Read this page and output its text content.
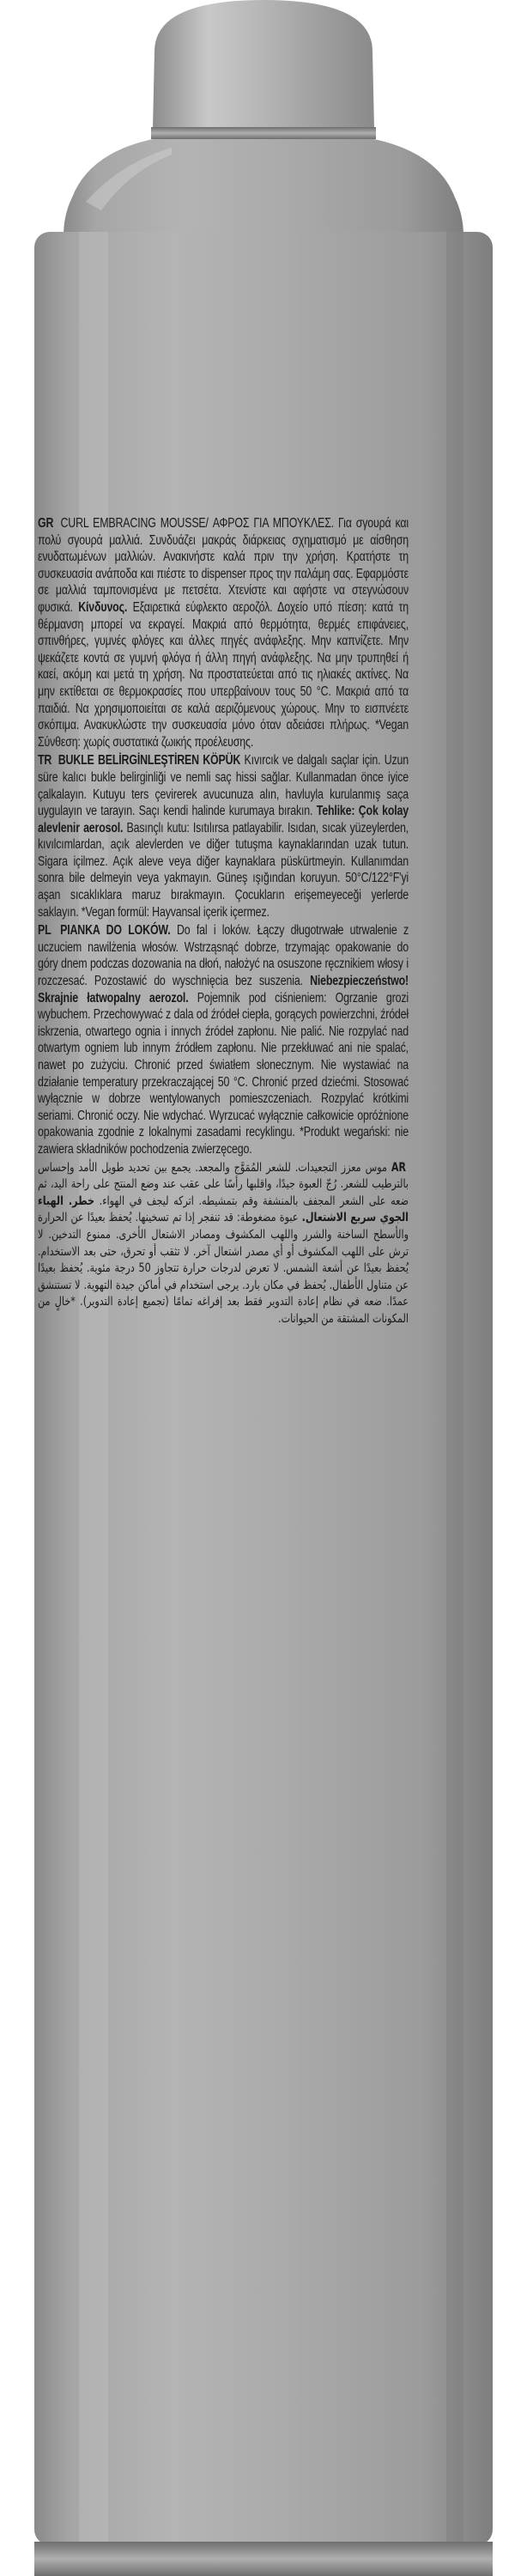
GR CURL EMBRACING MOUSSE/ ΑΦΡΟΣ ΓΙΑ ΜΠΟΥΚΛΕΣ. Για σγουρά και πολύ σγουρά μαλλιά. Συνδυάζει μακράς διάρκειας σχηματισμό με αίσθηση ενυδατωμένων μαλλιών. Ανακινήστε καλά πριν την χρήση. Κρατήστε τη συσκευασία ανάποδα και πιέστε το dispenser προς την παλάμη σας. Εφαρμόστε σε μαλλιά ταμπονισμένα με πετσέτα. Χτενίστε και αφήστε να στεγνώσουν φυσικά. Κίνδυνος. Εξαιρετικά εύφλεκτο αεροζόλ. Δοχείο υπό πίεση: κατά τη θέρμανση μπορεί να εκραγεί. Μακριά από θερμότητα, θερμές επιφάνειες, σπινθήρες, γυμνές φλόγες και άλλες πηγές ανάφλεξης. Μην καπνίζετε. Μην ψεκάζετε κοντά σε γυμνή φλόγα ή άλλη πηγή ανάφλεξης. Να μην τρυπηθεί ή καεί, ακόμη και μετά τη χρήση. Να προστατεύεται από τις ηλιακές ακτίνες. Να μην εκτίθεται σε θερμοκρασίες που υπερβαίνουν τους 50 °C. Μακριά από τα παιδιά. Να χρησιμοποιείται σε καλά αεριζόμενους χώρους. Μην το εισπνέετε σκόπιμα. Ανακυκλώστε την συσκευασία μόνο όταν αδειάσει πλήρως. *Vegan Σύνθεση: χωρίς συστατικά ζωικής προέλευσης.

TR BUKLE BELİRGİNLEŞTİREN KÖPÜK Kıvırcık ve dalgalı saçlar için. Uzun süre kalıcı bukle belirginliği ve nemli saç hissi sağlar. Kullanmadan önce iyice çalkalayın. Kutuyu ters çevirerek avucunuza alın, havluyla kurulanmış saça uygulayın ve tarayın. Saçı kendi halinde kurumaya bırakın. Tehlike: Çok kolay alevlenir aerosol. Basınçlı kutu: Isıtılırsa patlayabilir. Isıdan, sıcak yüzeylerden, kıvılcımlardan, açık alevlerden ve diğer tutuşma kaynaklarından uzak tutun. Sigara içilmez. Açık aleve veya diğer kaynaklara püskürtmeyin. Kullanımdan sonra bile delmeyin veya yakmayın. Güneş ışığından koruyun. 50°C/122°F'yi aşan sıcaklıklara maruz bırakmayın. Çocukların erişemeyeceği yerlerde saklayın. *Vegan formül: Hayvansal içerik içermez.

PL PIANKA DO LOKÓW. Do fal i loków. Łączy długotrwałe utrwalenie z uczuciem nawilżenia włosów. Wstrząsnąć dobrze, trzymając opakowanie do góry dnem podczas dozowania na dłoń, nałożyć na osuszone ręcznikiem włosy i rozczesać. Pozostawić do wyschnięcia bez suszenia. Niebezpieczeństwo! Skrajnie łatwopalny aerozol. Pojemnik pod ciśnieniem: Ogrzanie grozi wybuchem. Przechowywać z dala od źródeł ciepła, gorących powierzchni, źródeł iskrzenia, otwartego ognia i innych źródeł zapłonu. Nie palić. Nie rozpylać nad otwartym ogniem lub innym źródłem zapłonu. Nie przekłuwać ani nie spalać, nawet po zużyciu. Chronić przed światłem słonecznym. Nie wystawiać na działanie temperatury przekraczającej 50 °C. Chronić przed dziećmi. Stosować wyłącznie w dobrze wentylowanych pomieszczeniach. Rozpylać krótkimi seriami. Chronić oczy. Nie wdychać. Wyrzucać wyłącznie całkowicie opróżnione opakowania zgodnie z lokalnymi zasadami recyklingu. *Produkt wegański: nie zawiera składników pochodzenia zwierzęcego.

AR موس معزز التجعيدات. للشعر المُمَوَّج والمجعد. يجمع بين تحديد طويل الأمد وإحساس بالترطيب للشعر. رُجّ العبوة جيدًا، واقلبها رأسًا على عقب عند وضع المنتج على راحة اليد، ثم ضعه على الشعر المجفف بالمنشفة وقم بتمشيطه. اتركه ليجف في الهواء. خطر. الهباء الجوي سريع الاشتعال. عبوة مضغوطة: قد تنفجر إذا تم تسخينها. يُحفظ بعيدًا عن الحرارة والأسطح الساخنة والشرر واللهب المكشوف ومصادر الاشتعال الأخرى. ممنوع التدخين. لا ترش على اللهب المكشوف أو أي مصدر اشتعال آخر. لا تثقب أو تحرق، حتى بعد الاستخدام. يُحفظ بعيدًا عن أشعة الشمس. لا تعرض لدرجات حرارة تتجاوز 50 درجة مئوية. يُحفظ بعيدًا عن متناول الأطفال. يُحفظ في مكان بارد. يرجى استخدام في أماكن جيدة التهوية. لا تستنشق عمدًا. ضعه في نظام إعادة التدوير فقط بعد إفراغه تمامًا (تجميع إعادة التدوير). *خالٍ من المكونات المشتقة من الحيوانات.
